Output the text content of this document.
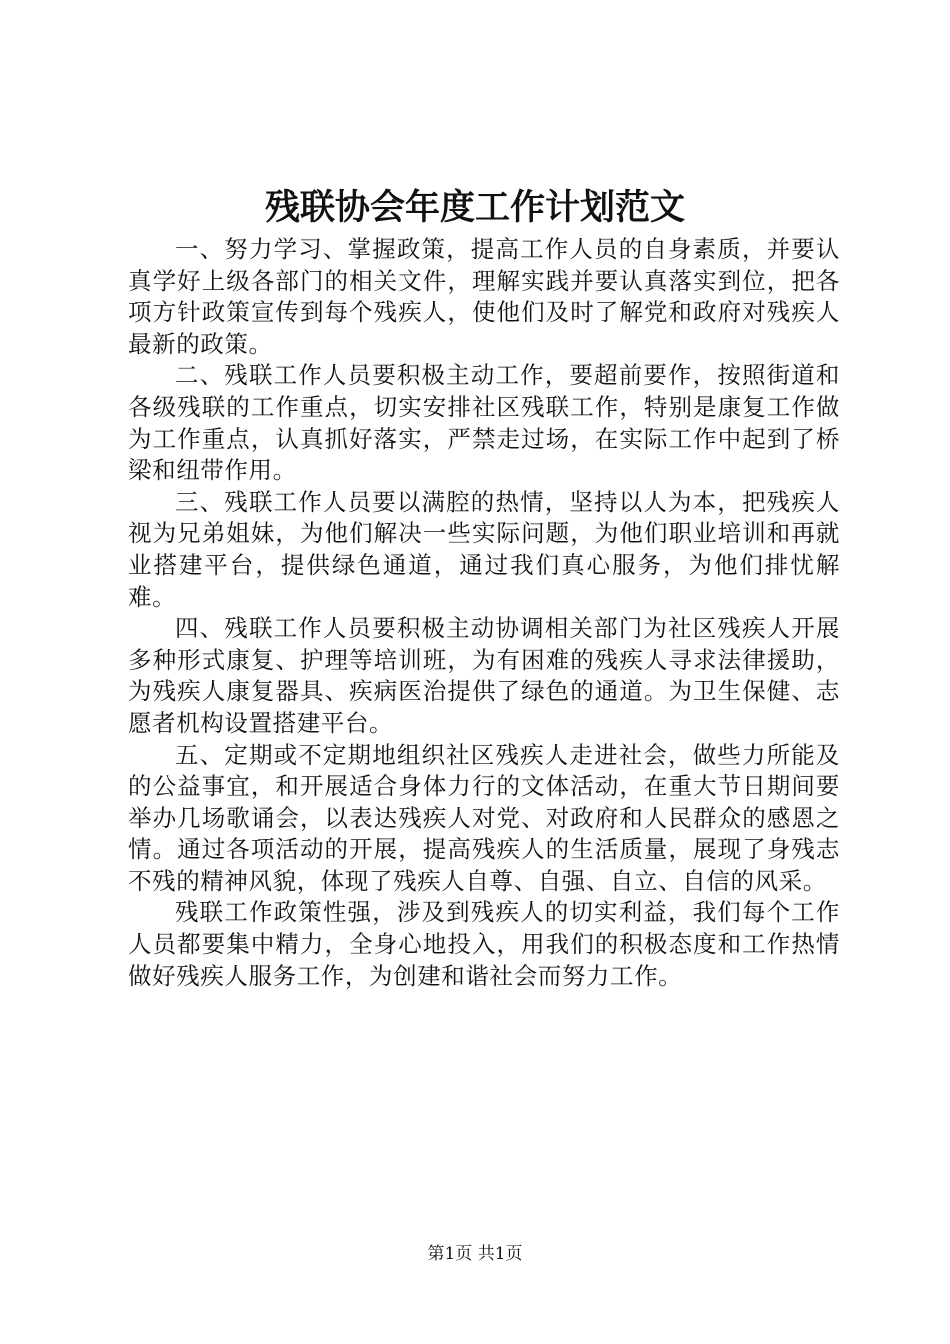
残联协会年度工作计划范文

一、努力学习、掌握政策，提高工作人员的自身素质，并要认真学好上级各部门的相关文件，理解实践并要认真落实到位，把各项方针政策宣传到每个残疾人，使他们及时了解党和政府对残疾人最新的政策。

二、残联工作人员要积极主动工作，要超前要作，按照街道和各级残联的工作重点，切实安排社区残联工作，特别是康复工作做为工作重点，认真抓好落实，严禁走过场，在实际工作中起到了桥梁和纽带作用。

三、残联工作人员要以满腔的热情，坚持以人为本，把残疾人视为兄弟姐妹，为他们解决一些实际问题，为他们职业培训和再就业搭建平台，提供绿色通道，通过我们真心服务，为他们排忧解难。

四、残联工作人员要积极主动协调相关部门为社区残疾人开展多种形式康复、护理等培训班，为有困难的残疾人寻求法律援助，为残疾人康复器具、疾病医治提供了绿色的通道。为卫生保健、志愿者机构设置搭建平台。

五、定期或不定期地组织社区残疾人走进社会，做些力所能及的公益事宜，和开展适合身体力行的文体活动，在重大节日期间要举办几场歌诵会，以表达残疾人对党、对政府和人民群众的感恩之情。通过各项活动的开展，提高残疾人的生活质量，展现了身残志不残的精神风貌，体现了残疾人自尊、自强、自立、自信的风采。

残联工作政策性强，涉及到残疾人的切实利益，我们每个工作人员都要集中精力，全身心地投入，用我们的积极态度和工作热情做好残疾人服务工作，为创建和谐社会而努力工作。

第1页 共1页
